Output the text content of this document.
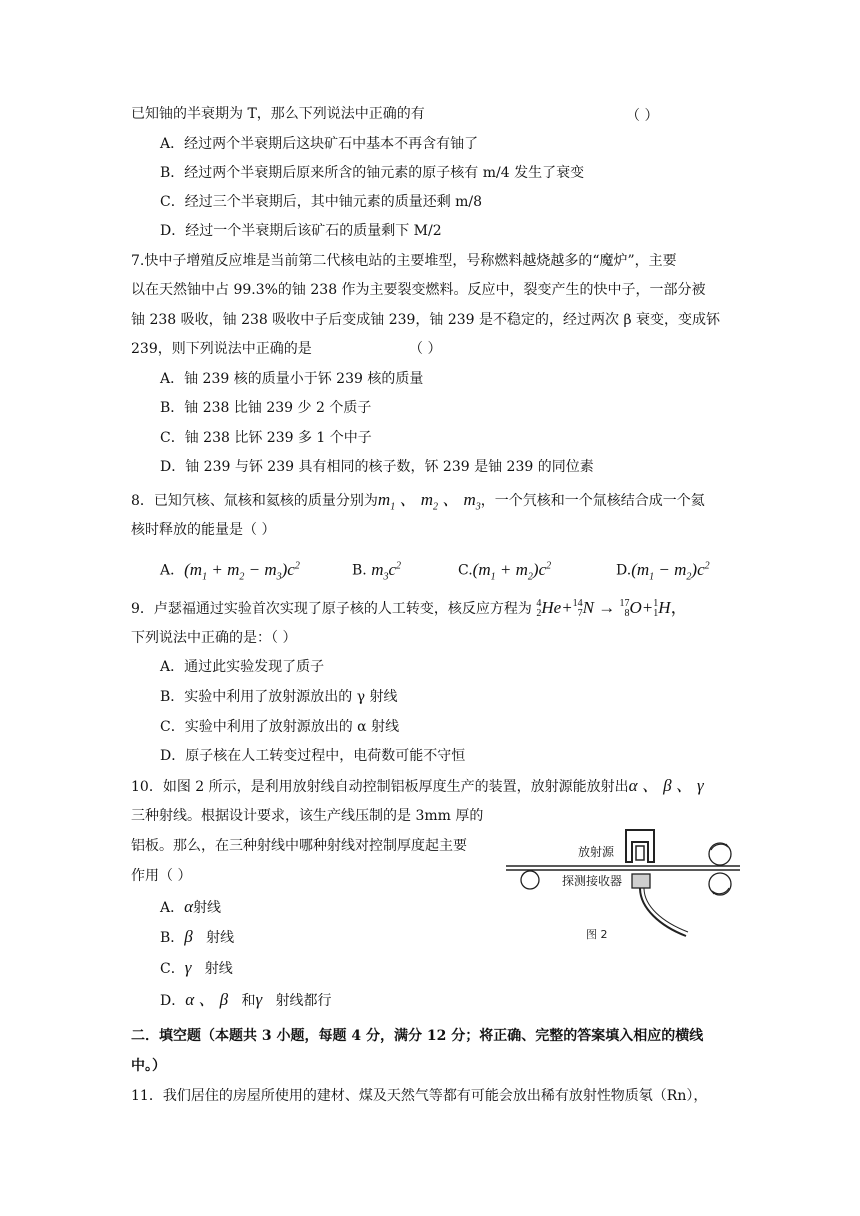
已知铀的半衰期为 T，那么下列说法中正确的有	（ ）
A．经过两个半衰期后这块矿石中基本不再含有铀了
B．经过两个半衰期后原来所含的铀元素的原子核有 m/4 发生了衰变
C．经过三个半衰期后，其中铀元素的质量还剩 m/8
D．经过一个半衰期后该矿石的质量剩下 M/2
7.快中子增殖反应堆是当前第二代核电站的主要堆型，号称燃料越烧越多的“魔炉”，主要
以在天然铀中占 99.3%的铀 238 作为主要裂变燃料。反应中，裂变产生的快中子，一部分被
铀 238 吸收，铀 238 吸收中子后变成铀 239，铀 239 是不稳定的，经过两次 β 衰变，变成钚
239，则下列说法中正确的是	（ ）
A．铀 239 核的质量小于钚 239 核的质量
B．铀 238 比铀 239 少 2 个质子
C．铀 238 比钚 239 多 1 个中子
D．铀 239 与钚 239 具有相同的核子数，钚 239 是铀 239 的同位素
8．已知氕核、氚核和氦核的质量分别为$m_1$ 、 $m_2$ 、 $m_3$，一个氕核和一个氚核结合成一个氦
核时释放的能量是（ ）
A．$(m_1 + m_2 - m_3)c^2$	B. $m_3c^2$	$C.(m_1 + m_2)c^2$	$D.(m_1 - m_2)c^2$
9．卢瑟福通过实验首次实现了原子核的人工转变，核反应方程为 4
2 He+ 14
7 N → 17
8 O+ 1
1 H，
下列说法中正确的是：（ ）
A．通过此实验发现了质子
B．实验中利用了放射源放出的 γ 射线
C．实验中利用了放射源放出的 α 射线
D．原子核在人工转变过程中，电荷数可能不守恒
10．如图 2 所示，是利用放射线自动控制铝板厚度生产的装置，放射源能放射出α 、 β 、 γ
三种射线。根据设计要求，该生产线压制的是 3mm 厚的
铝板。那么，在三种射线中哪种射线对控制厚度起主要
作用（ ）
A．α射线
B．β 射线
C．γ 射线
D．α 、 β 和γ 射线都行
放射源
探测接收器
图 2
二．填空题（本题共 3 小题，每题 4 分，满分 12 分；将正确、完整的答案填入相应的横线
中。）
11．我们居住的房屋所使用的建材、煤及天然气等都有可能会放出稀有放射性物质氡（Rn），
